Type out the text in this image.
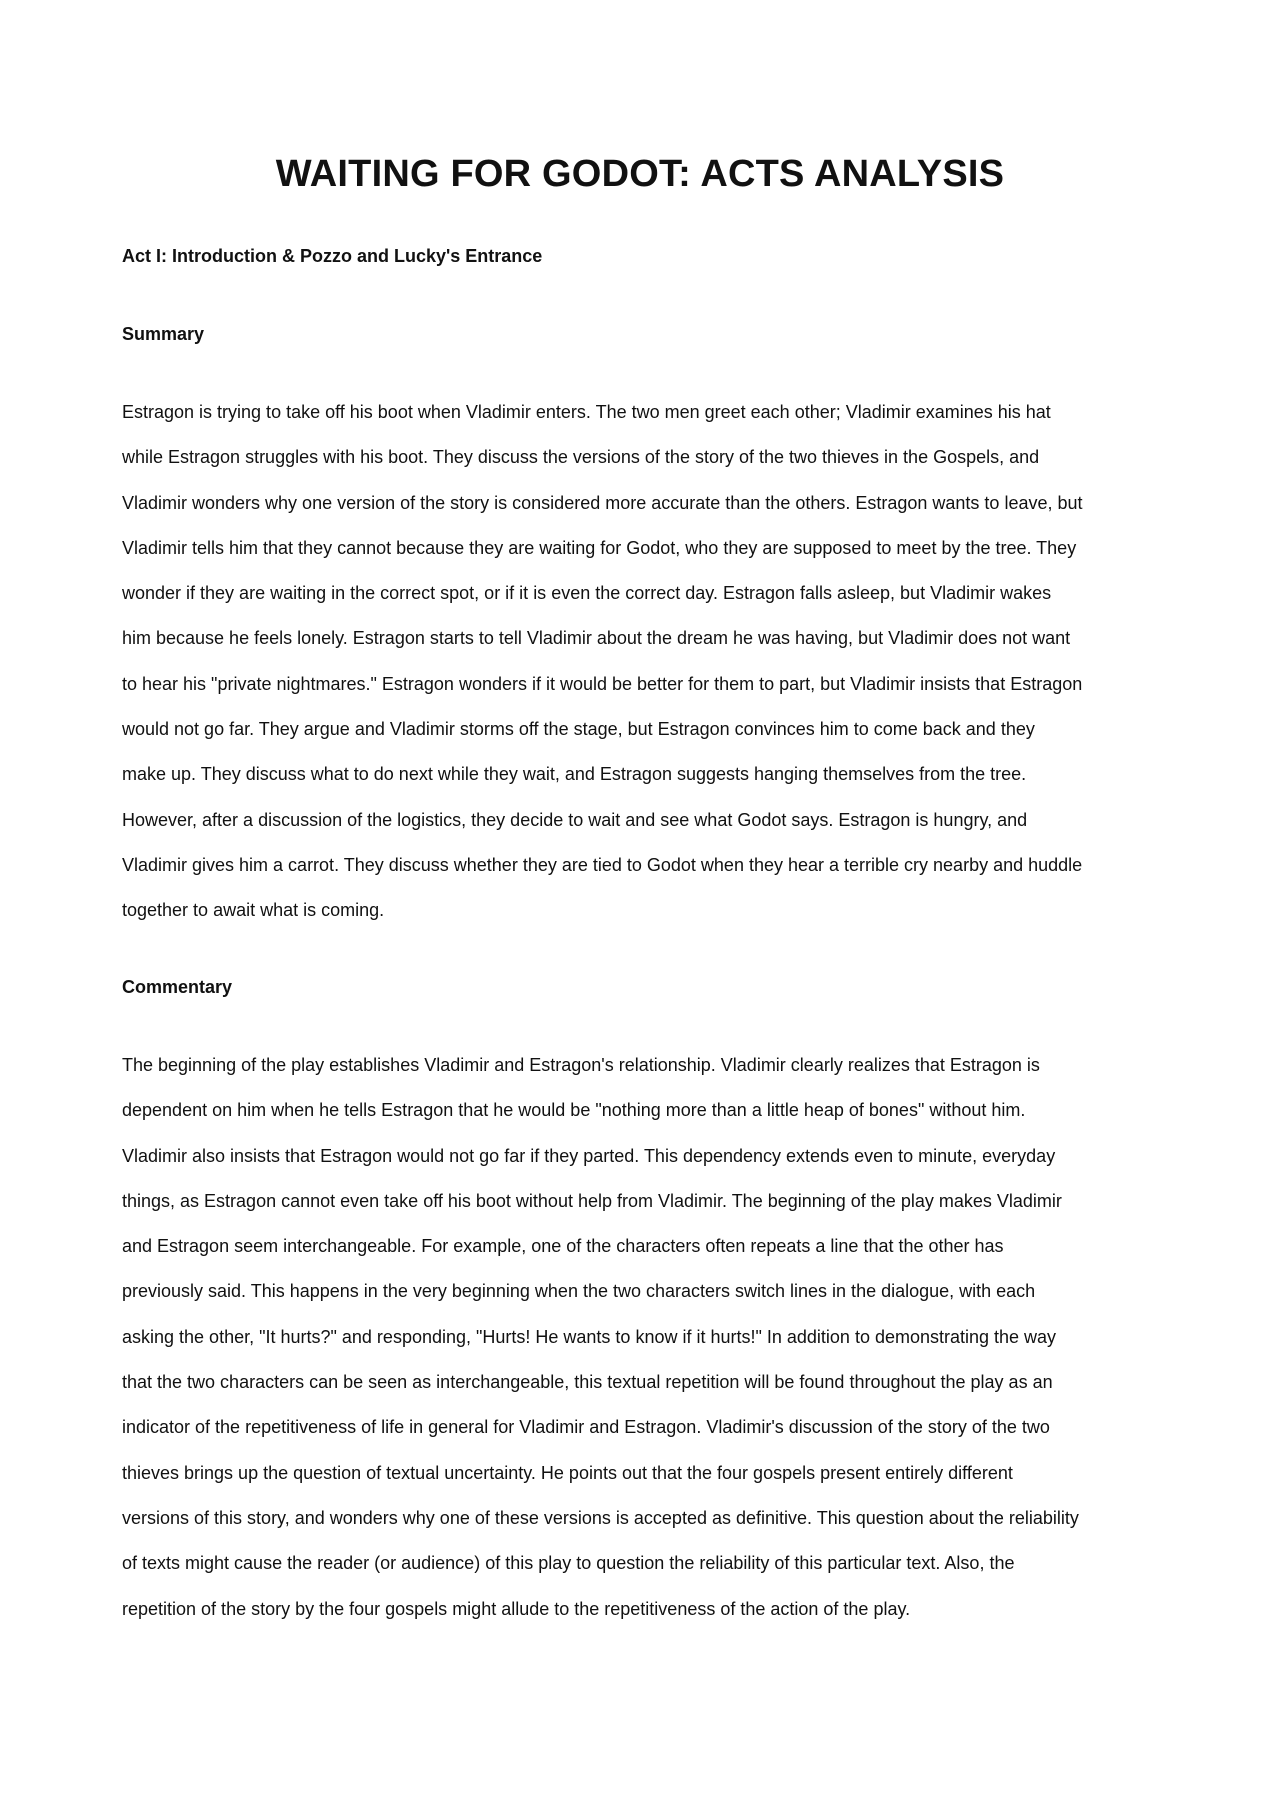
WAITING FOR GODOT: ACTS ANALYSIS
Act I: Introduction & Pozzo and Lucky's Entrance
Summary

Estragon is trying to take off his boot when Vladimir enters. The two men greet each other; Vladimir examines his hat
while Estragon struggles with his boot. They discuss the versions of the story of the two thieves in the Gospels, and
Vladimir wonders why one version of the story is considered more accurate than the others. Estragon wants to leave, but
Vladimir tells him that they cannot because they are waiting for Godot, who they are supposed to meet by the tree. They
wonder if they are waiting in the correct spot, or if it is even the correct day. Estragon falls asleep, but Vladimir wakes
him because he feels lonely. Estragon starts to tell Vladimir about the dream he was having, but Vladimir does not want
to hear his "private nightmares." Estragon wonders if it would be better for them to part, but Vladimir insists that Estragon
would not go far. They argue and Vladimir storms off the stage, but Estragon convinces him to come back and they
make up. They discuss what to do next while they wait, and Estragon suggests hanging themselves from the tree.
However, after a discussion of the logistics, they decide to wait and see what Godot says. Estragon is hungry, and
Vladimir gives him a carrot. They discuss whether they are tied to Godot when they hear a terrible cry nearby and huddle
together to await what is coming.

Commentary

The beginning of the play establishes Vladimir and Estragon's relationship. Vladimir clearly realizes that Estragon is
dependent on him when he tells Estragon that he would be "nothing more than a little heap of bones" without him.
Vladimir also insists that Estragon would not go far if they parted. This dependency extends even to minute, everyday
things, as Estragon cannot even take off his boot without help from Vladimir. The beginning of the play makes Vladimir
and Estragon seem interchangeable. For example, one of the characters often repeats a line that the other has
previously said. This happens in the very beginning when the two characters switch lines in the dialogue, with each
asking the other, "It hurts?" and responding, "Hurts! He wants to know if it hurts!" In addition to demonstrating the way
that the two characters can be seen as interchangeable, this textual repetition will be found throughout the play as an
indicator of the repetitiveness of life in general for Vladimir and Estragon. Vladimir's discussion of the story of the two
thieves brings up the question of textual uncertainty. He points out that the four gospels present entirely different
versions of this story, and wonders why one of these versions is accepted as definitive. This question about the reliability
of texts might cause the reader (or audience) of this play to question the reliability of this particular text. Also, the
repetition of the story by the four gospels might allude to the repetitiveness of the action of the play.
